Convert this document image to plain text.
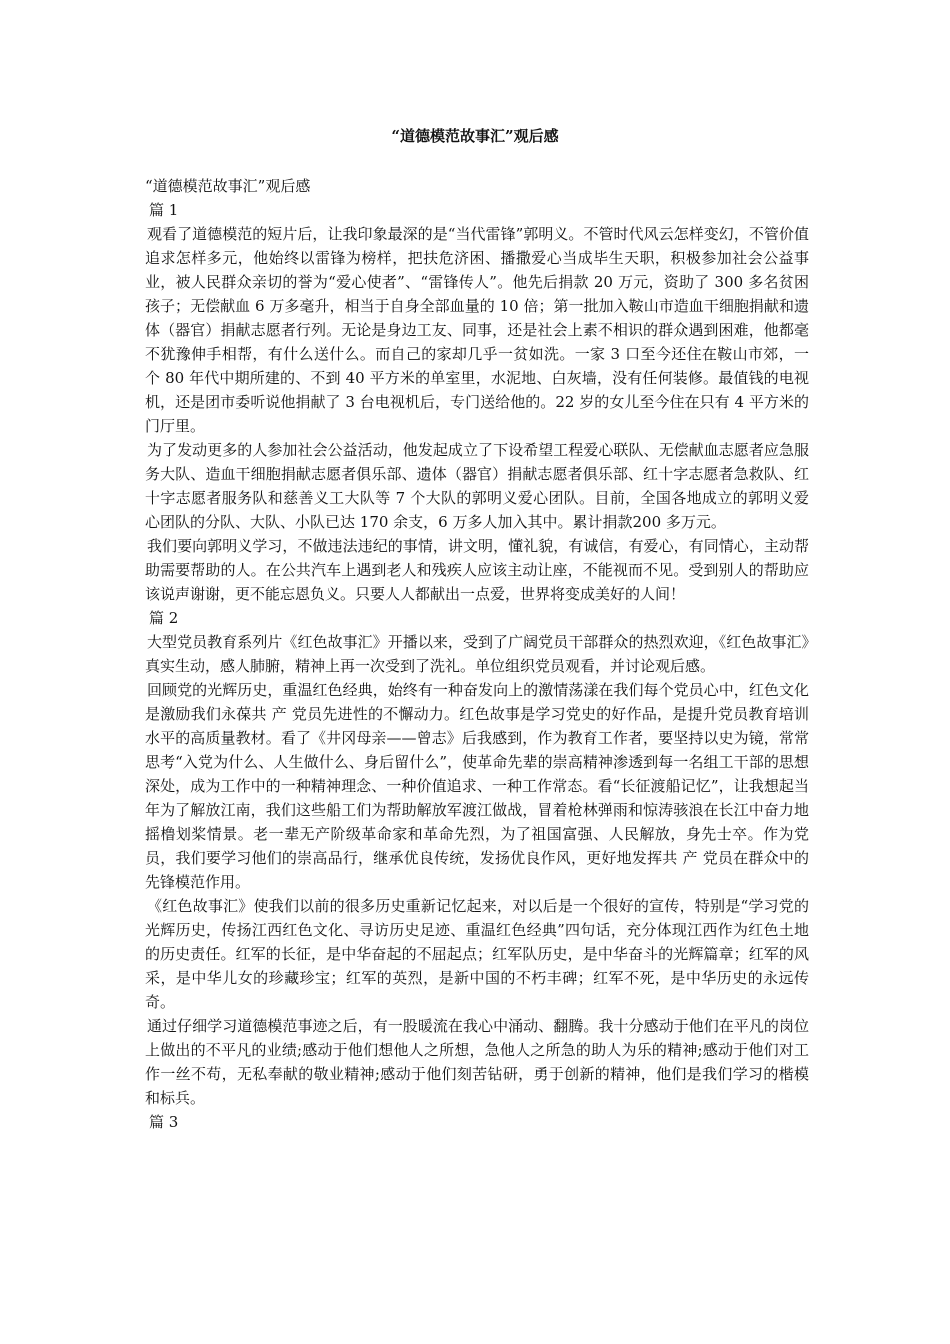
“道德模范故事汇”观后感

“道德模范故事汇”观后感

篇 1

观看了道德模范的短片后，让我印象最深的是“当代雷锋”郭明义。不管时代风云怎样变幻，不管价值追求怎样多元，他始终以雷锋为榜样，把扶危济困、播撒爱心当成毕生天职，积极参加社会公益事业，被人民群众亲切的誉为“爱心使者”、“雷锋传人”。他先后捐款 20 万元，资助了 300 多名贫困孩子；无偿献血 6 万多毫升，相当于自身全部血量的 10 倍；第一批加入鞍山市造血干细胞捐献和遗体（器官）捐献志愿者行列。无论是身边工友、同事，还是社会上素不相识的群众遇到困难，他都毫不犹豫伸手相帮，有什么送什么。而自己的家却几乎一贫如洗。一家 3 口至今还住在鞍山市郊，一个 80 年代中期所建的、不到 40 平方米的单室里，水泥地、白灰墙，没有任何装修。最值钱的电视机，还是团市委听说他捐献了 3 台电视机后，专门送给他的。22 岁的女儿至今住在只有 4 平方米的门厅里。

为了发动更多的人参加社会公益活动，他发起成立了下设希望工程爱心联队、无偿献血志愿者应急服务大队、造血干细胞捐献志愿者俱乐部、遗体（器官）捐献志愿者俱乐部、红十字志愿者急救队、红十字志愿者服务队和慈善义工大队等 7 个大队的郭明义爱心团队。目前，全国各地成立的郭明义爱心团队的分队、大队、小队已达 170 余支，6 万多人加入其中。累计捐款200 多万元。

我们要向郭明义学习，不做违法违纪的事情，讲文明，懂礼貌，有诚信，有爱心，有同情心，主动帮助需要帮助的人。在公共汽车上遇到老人和残疾人应该主动让座，不能视而不见。受到别人的帮助应该说声谢谢，更不能忘恩负义。只要人人都献出一点爱，世界将变成美好的人间！

篇 2

大型党员教育系列片《红色故事汇》开播以来，受到了广阔党员干部群众的热烈欢迎，《红色故事汇》真实生动，感人肺腑，精神上再一次受到了洗礼。单位组织党员观看，并讨论观后感。

回顾党的光辉历史，重温红色经典，始终有一种奋发向上的激情荡漾在我们每个党员心中，红色文化是激励我们永葆共 产 党员先进性的不懈动力。红色故事是学习党史的好作品，是提升党员教育培训水平的高质量教材。看了《井冈母亲——曾志》后我感到，作为教育工作者，要坚持以史为镜，常常思考“入党为什么、人生做什么、身后留什么”，使革命先辈的崇高精神渗透到每一名组工干部的思想深处，成为工作中的一种精神理念、一种价值追求、一种工作常态。看“长征渡船记忆”，让我想起当年为了解放江南，我们这些船工们为帮助解放军渡江做战，冒着枪林弹雨和惊涛骇浪在长江中奋力地摇橹划桨情景。老一辈无产阶级革命家和革命先烈，为了祖国富强、人民解放，身先士卒。作为党员，我们要学习他们的崇高品行，继承优良传统，发扬优良作风，更好地发挥共 产 党员在群众中的先锋模范作用。

《红色故事汇》使我们以前的很多历史重新记忆起来，对以后是一个很好的宣传，特别是“学习党的光辉历史，传扬江西红色文化、寻访历史足迹、重温红色经典”四句话，充分体现江西作为红色土地的历史责任。红军的长征，是中华奋起的不屈起点；红军队历史，是中华奋斗的光辉篇章；红军的风采，是中华儿女的珍藏珍宝；红军的英烈，是新中国的不朽丰碑；红军不死，是中华历史的永远传奇。

通过仔细学习道德模范事迹之后，有一股暖流在我心中涌动、翻腾。我十分感动于他们在平凡的岗位上做出的不平凡的业绩;感动于他们想他人之所想，急他人之所急的助人为乐的精神;感动于他们对工作一丝不苟，无私奉献的敬业精神;感动于他们刻苦钻研，勇于创新的精神，他们是我们学习的楷模和标兵。

篇 3
